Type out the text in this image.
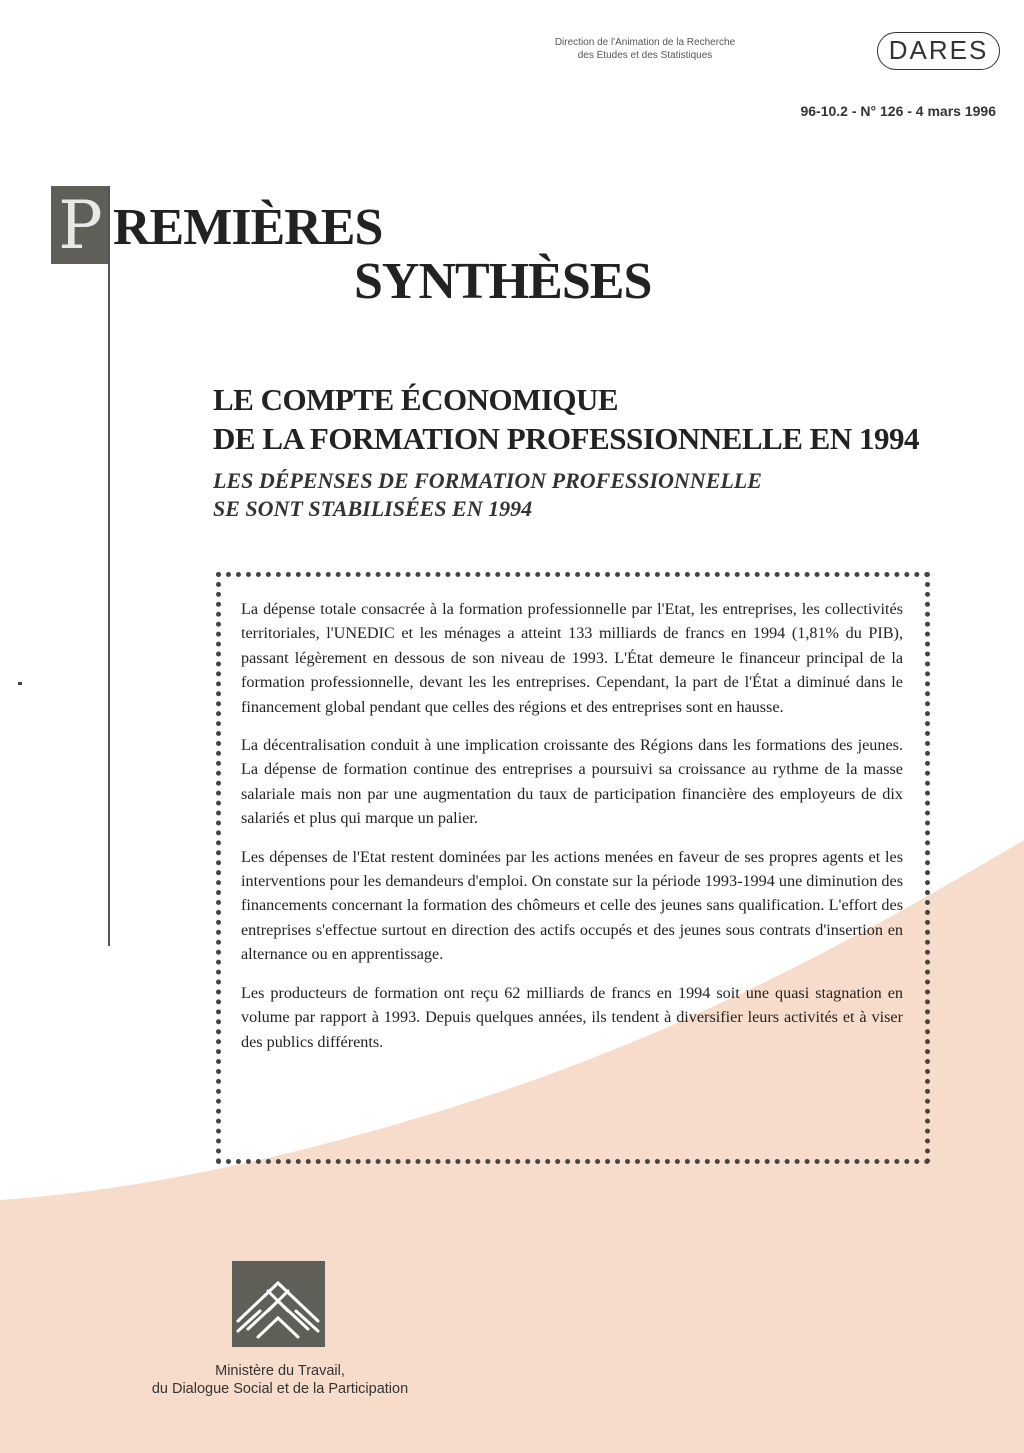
Direction de l'Animation de la Recherche
des Etudes et des Statistiques	DARES
96-10.2 - N° 126 - 4 mars 1996
P REMIÈRES
SYNTHÈSES
LE COMPTE ÉCONOMIQUE
DE LA FORMATION PROFESSIONNELLE EN 1994
LES DÉPENSES DE FORMATION PROFESSIONNELLE
SE SONT STABILISÉES EN 1994

La dépense totale consacrée à la formation professionnelle par l'Etat, les entreprises, les collectivités territoriales, l'UNEDIC et les ménages a atteint 133 milliards de francs en 1994 (1,81% du PIB), passant légèrement en dessous de son niveau de 1993. L'État demeure le financeur principal de la formation professionnelle, devant les les entreprises. Cependant, la part de l'État a diminué dans le financement global pendant que celles des régions et des entreprises sont en hausse.

La décentralisation conduit à une implication croissante des Régions dans les formations des jeunes. La dépense de formation continue des entreprises a poursuivi sa croissance au rythme de la masse salariale mais non par une augmentation du taux de participation financière des employeurs de dix salariés et plus qui marque un palier.

Les dépenses de l'Etat restent dominées par les actions menées en faveur de ses propres agents et les interventions pour les demandeurs d'emploi. On constate sur la période 1993-1994 une diminution des financements concernant la formation des chômeurs et celle des jeunes sans qualification. L'effort des entreprises s'effectue surtout en direction des actifs occupés et des jeunes sous contrats d'insertion en alternance ou en apprentissage.

Les producteurs de formation ont reçu 62 milliards de francs en 1994 soit une quasi stagnation en volume par rapport à 1993. Depuis quelques années, ils tendent à diversifier leurs activités et à viser des publics différents.

Ministère du Travail,
du Dialogue Social et de la Participation
